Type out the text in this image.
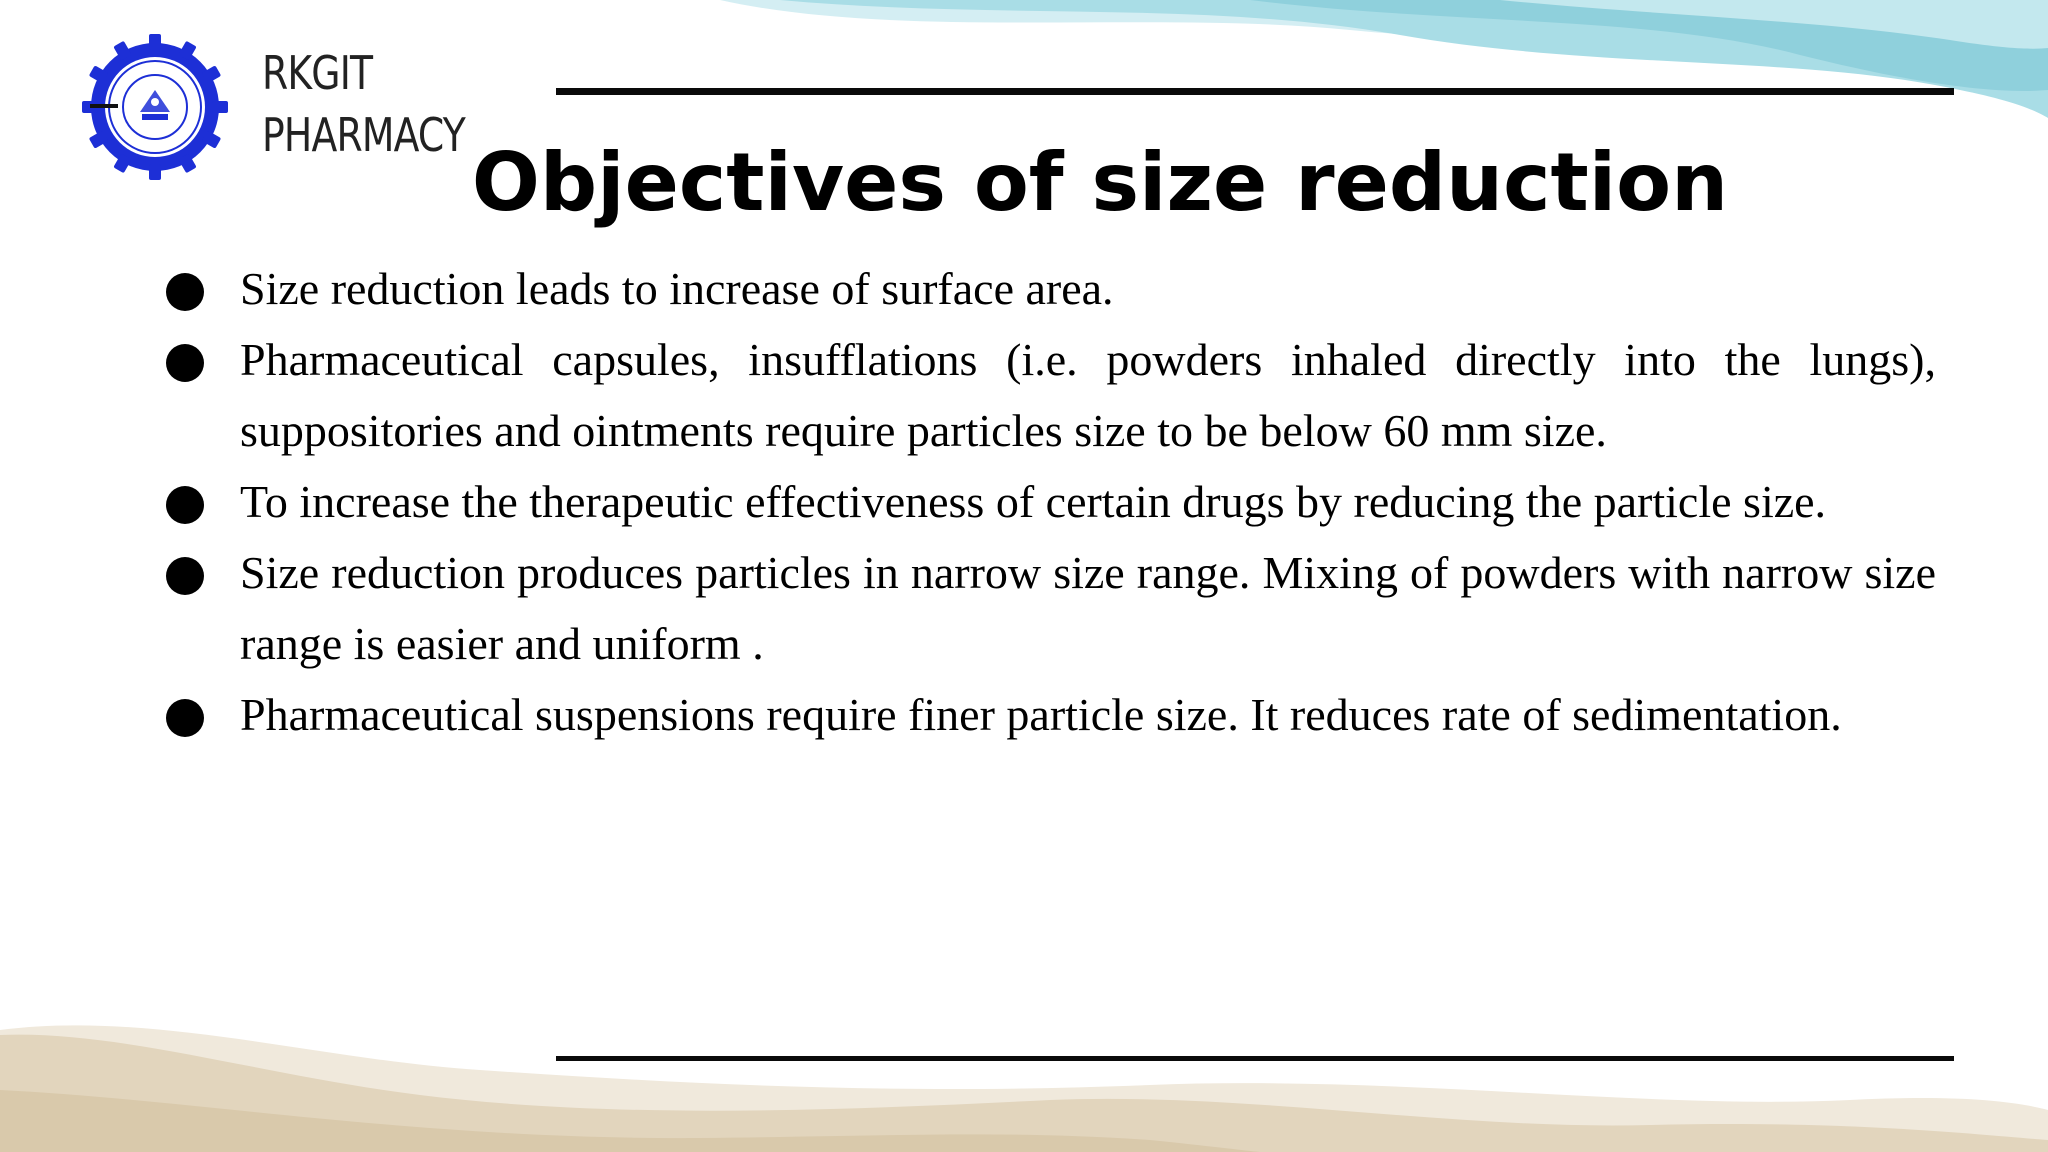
RKGIT
PHARMACY
Objectives of size reduction
Size reduction leads to increase of surface area.
Pharmaceutical capsules, insufflations (i.e. powders inhaled directly into the lungs), suppositories and ointments require particles size to be below 60 mm size.
To increase the therapeutic effectiveness of certain drugs by reducing the particle size.
Size reduction produces particles in narrow size range. Mixing of powders with narrow size range is easier and uniform .
Pharmaceutical suspensions require finer particle size. It reduces rate of sedimentation.
